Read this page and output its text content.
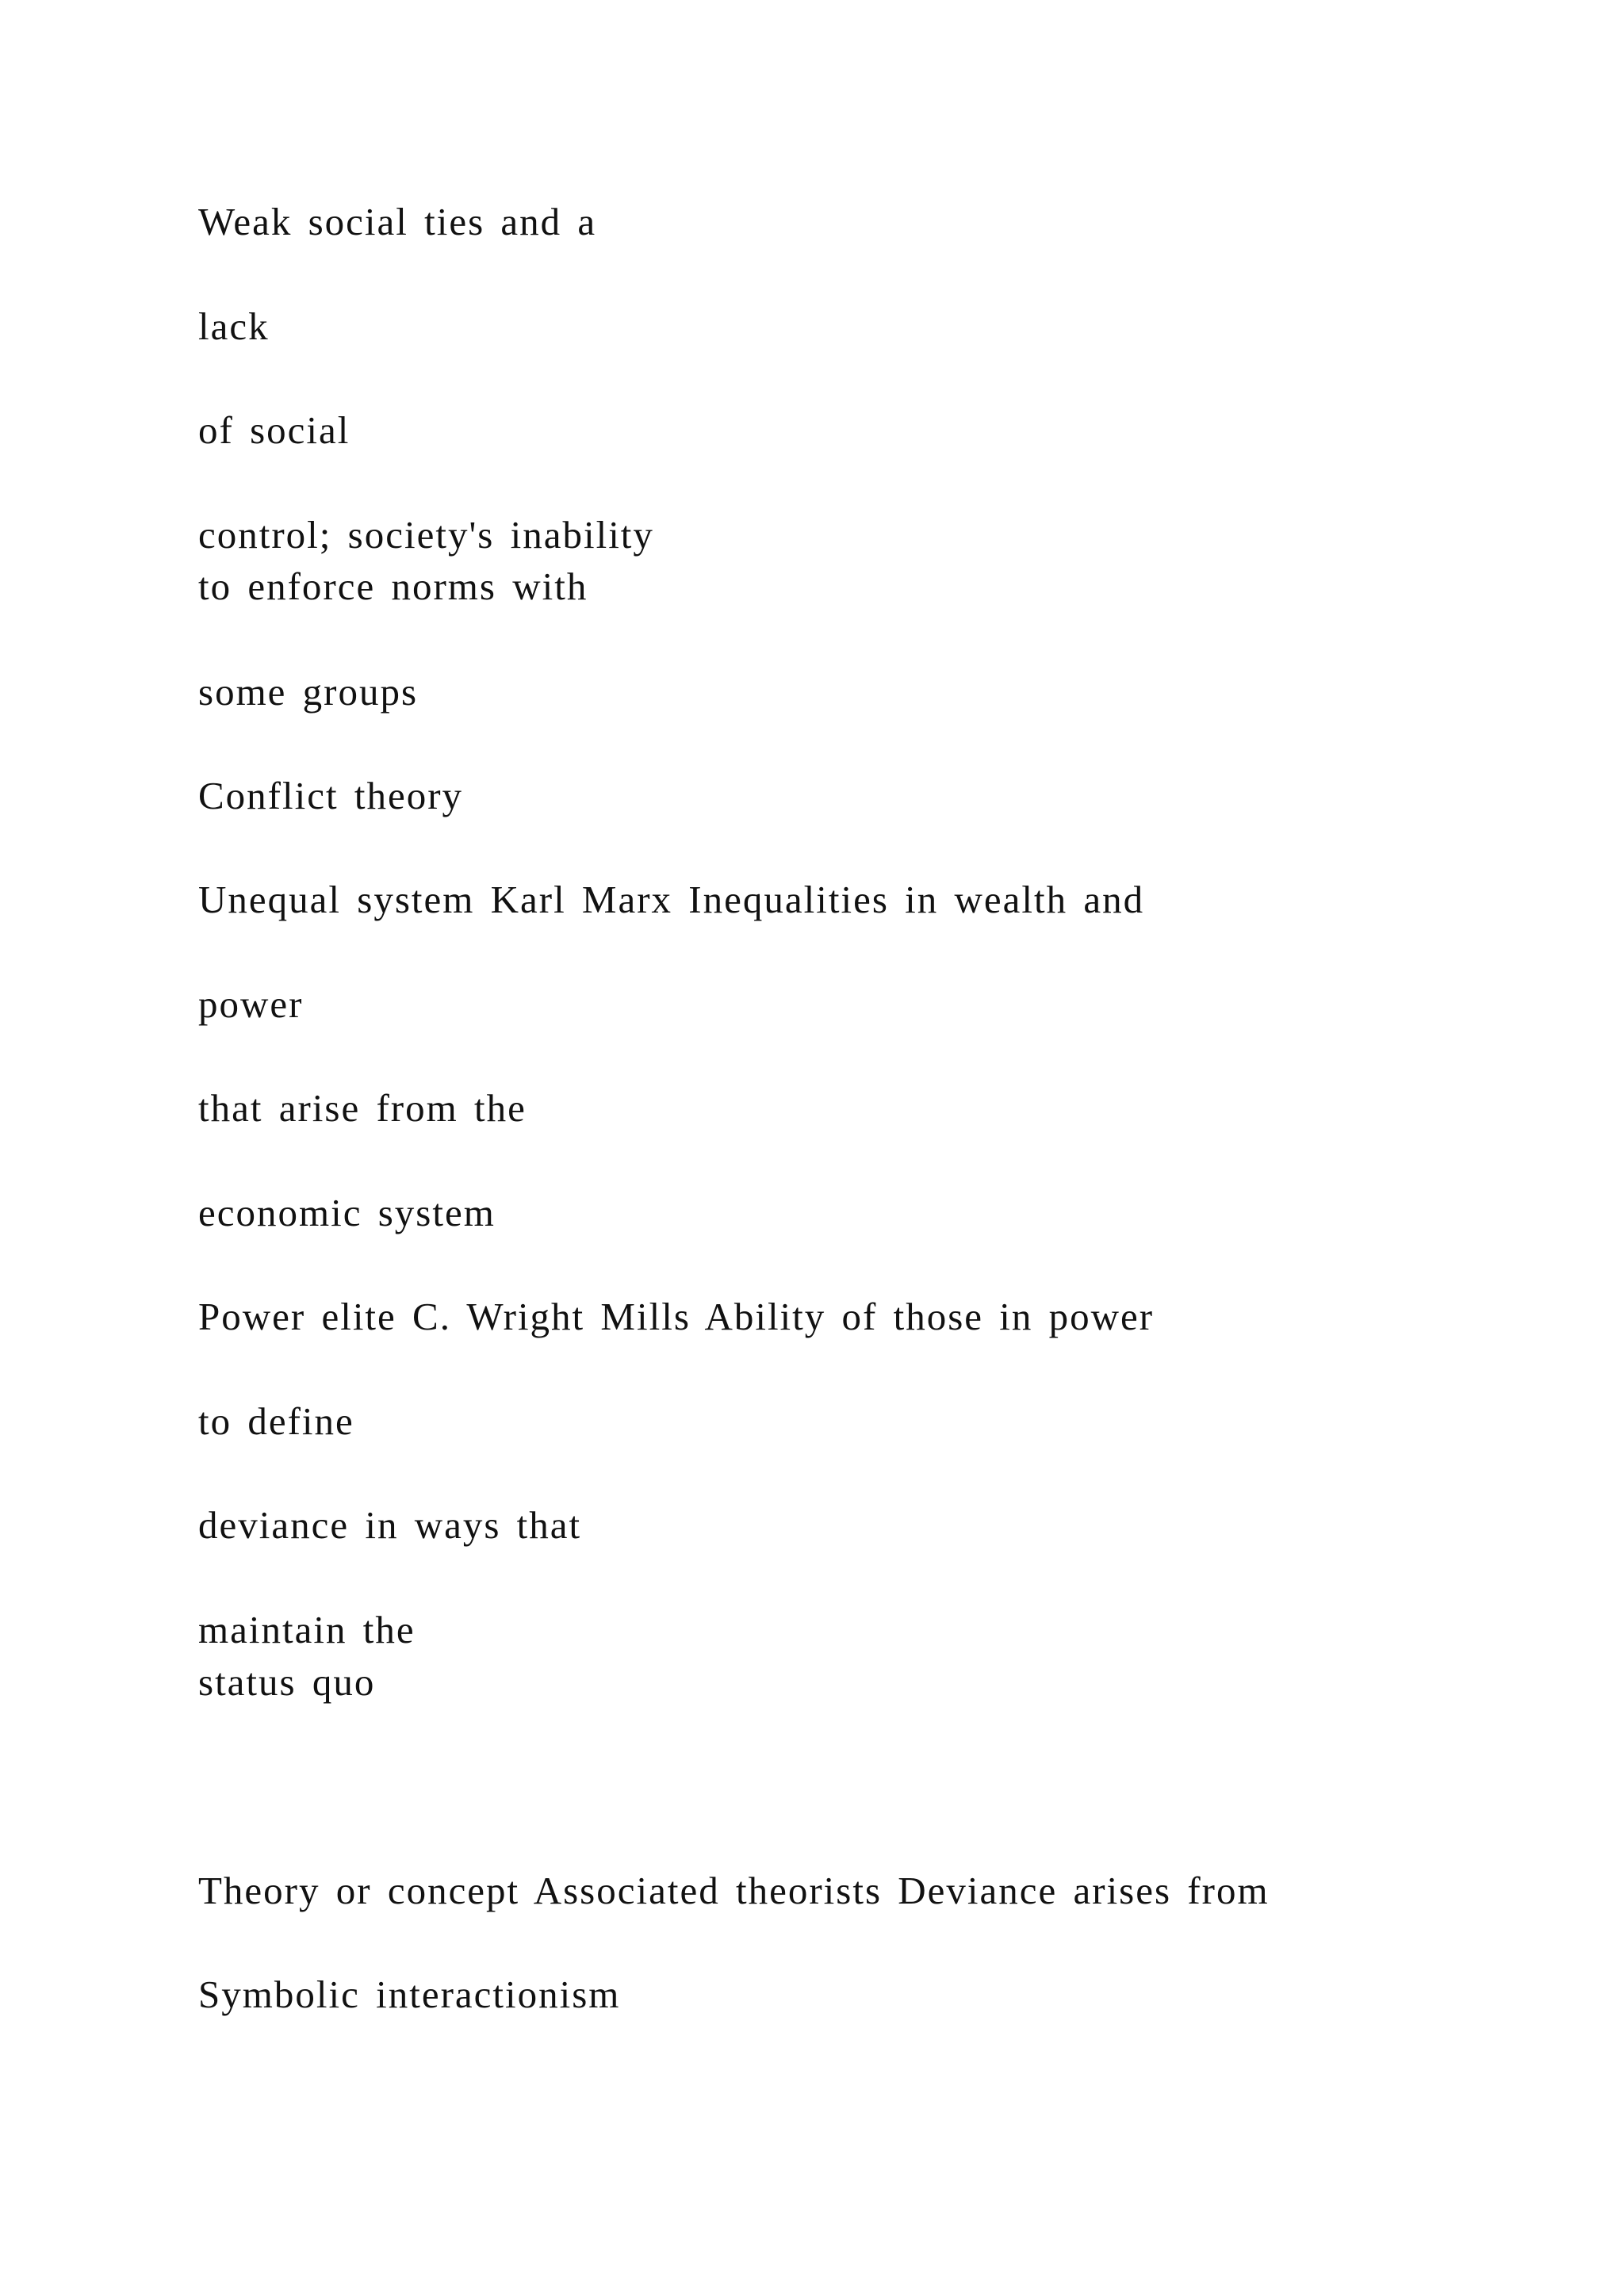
Weak social ties and a
lack
of social
control; society's inability
to enforce norms with
some groups
Conflict theory
Unequal system Karl Marx Inequalities in wealth and
power
that arise from the
economic system
Power elite C. Wright Mills Ability of those in power
to define
deviance in ways that
maintain the
status quo
Theory or concept Associated theorists Deviance arises from
Symbolic interactionism
